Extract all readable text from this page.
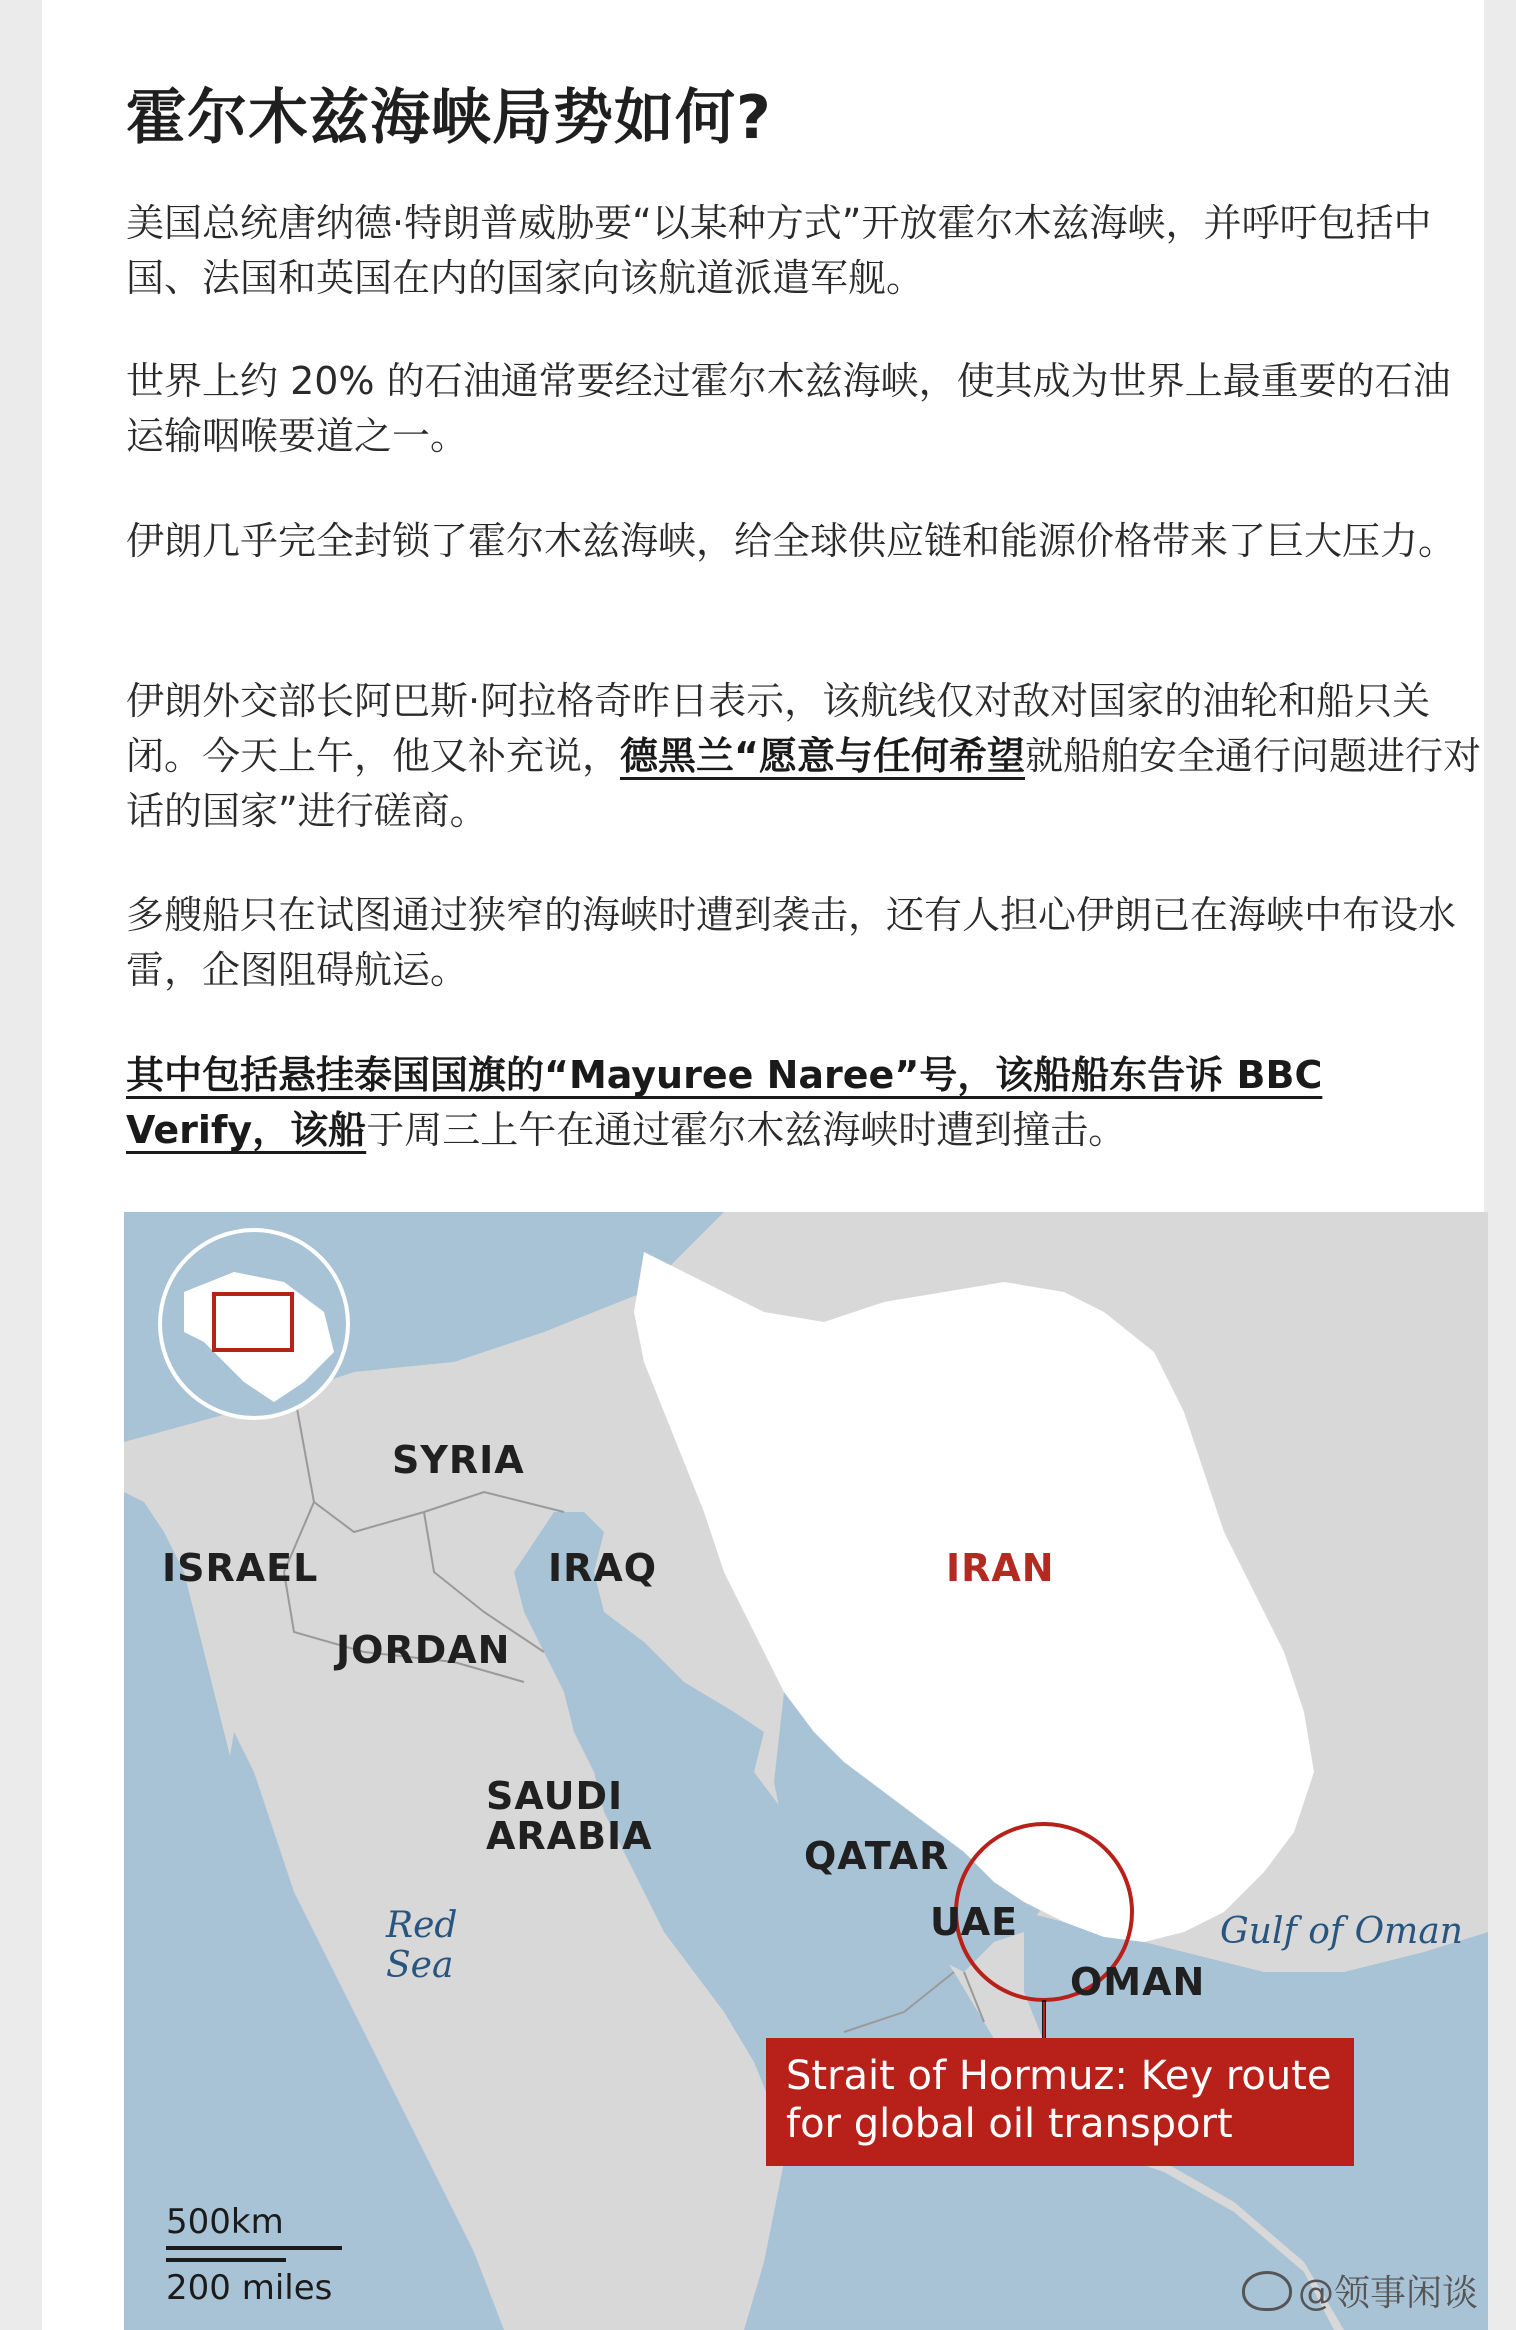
霍尔木兹海峡局势如何?

美国总统唐纳德·特朗普威胁要“以某种方式”开放霍尔木兹海峡，并呼吁包括中国、法国和英国在内的国家向该航道派遣军舰。

世界上约 20% 的石油通常要经过霍尔木兹海峡，使其成为世界上最重要的石油运输咽喉要道之一。

伊朗几乎完全封锁了霍尔木兹海峡，给全球供应链和能源价格带来了巨大压力。

伊朗外交部长阿巴斯·阿拉格奇昨日表示，该航线仅对敌对国家的油轮和船只关闭。今天上午，他又补充说，德黑兰“愿意与任何希望就船舶安全通行问题进行对话的国家”进行磋商。

多艘船只在试图通过狭窄的海峡时遭到袭击，还有人担心伊朗已在海峡中布设水雷，企图阻碍航运。

其中包括悬挂泰国国旗的“Mayuree Naree”号，该船船东告诉 BBC Verify，该船于周三上午在通过霍尔木兹海峡时遭到撞击。

SYRIA
ISRAEL	IRAQ
JORDAN
IRAN
SAUDI
ARABIA	QATAR
UAE
OMAN
Red
Sea
Gulf of Oman
Strait of Hormuz: Key route for global oil transport
500km
200 miles	@领事闲谈
